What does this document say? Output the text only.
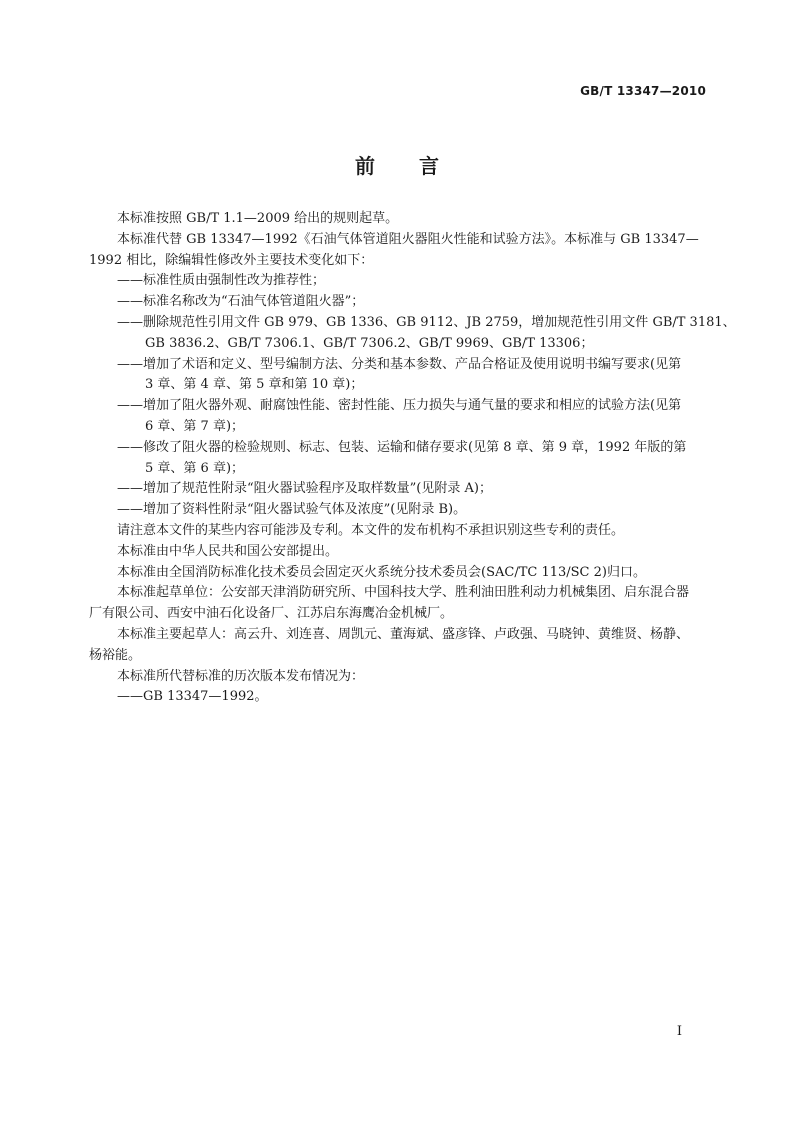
GB/T 13347—2010
前言
本标准按照 GB/T 1.1—2009 给出的规则起草。
本标准代替 GB 13347—1992《石油气体管道阻火器阻火性能和试验方法》。本标准与 GB 13347—
1992 相比，除编辑性修改外主要技术变化如下：
——标准性质由强制性改为推荐性；
——标准名称改为“石油气体管道阻火器”；
——删除规范性引用文件 GB 979、GB 1336、GB 9112、JB 2759，增加规范性引用文件 GB/T 3181、
GB 3836.2、GB/T 7306.1、GB/T 7306.2、GB/T 9969、GB/T 13306；
——增加了术语和定义、型号编制方法、分类和基本参数、产品合格证及使用说明书编写要求(见第
3 章、第 4 章、第 5 章和第 10 章)；
——增加了阻火器外观、耐腐蚀性能、密封性能、压力损失与通气量的要求和相应的试验方法(见第
6 章、第 7 章)；
——修改了阻火器的检验规则、标志、包装、运输和储存要求(见第 8 章、第 9 章，1992 年版的第
5 章、第 6 章)；
——增加了规范性附录“阻火器试验程序及取样数量”(见附录 A)；
——增加了资料性附录“阻火器试验气体及浓度”(见附录 B)。
请注意本文件的某些内容可能涉及专利。本文件的发布机构不承担识别这些专利的责任。
本标准由中华人民共和国公安部提出。
本标准由全国消防标准化技术委员会固定灭火系统分技术委员会(SAC/TC 113/SC 2)归口。
本标准起草单位：公安部天津消防研究所、中国科技大学、胜利油田胜利动力机械集团、启东混合器
厂有限公司、西安中油石化设备厂、江苏启东海鹰冶金机械厂。
本标准主要起草人：高云升、刘连喜、周凯元、董海斌、盛彦锋、卢政强、马晓钟、黄维贤、杨静、
杨裕能。
本标准所代替标准的历次版本发布情况为：
——GB 13347—1992。
I
